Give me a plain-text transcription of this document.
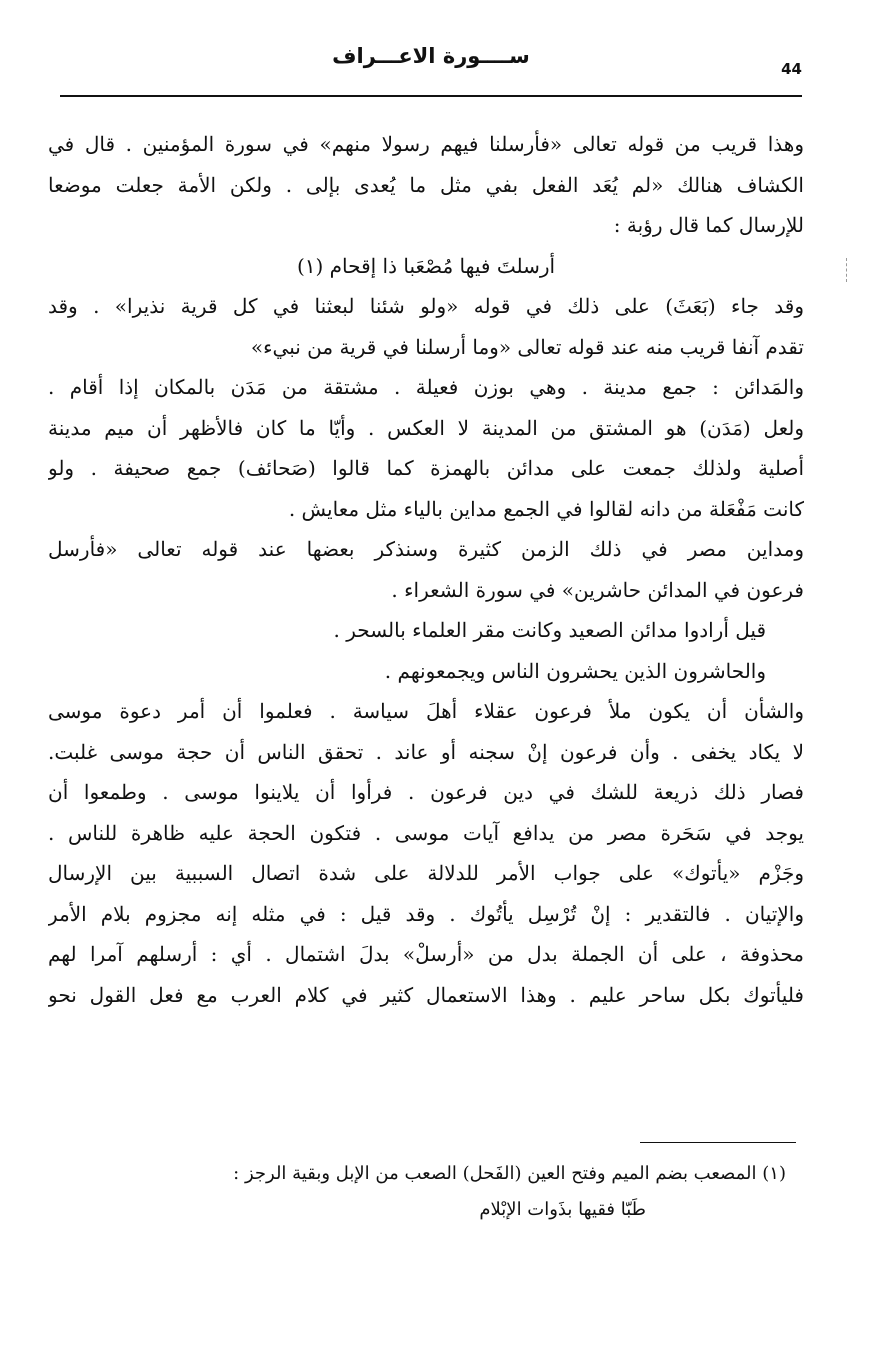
ســــورة الاعـــراف
44
وهذا قريب من قوله تعالى «فأرسلنا فيهم رسولا منهم» في سورة المؤمنين . قال في
الكشاف هنالك «لم يُعَد الفعل بفي مثل ما يُعدى بإلى . ولكن الأمة جعلت موضعا
للإرسال كما قال رؤبة :
أرسلتَ فيها مُصْعَبا ذا إقحام (١)
وقد جاء (بَعَثَ) على ذلك في قوله «ولو شئنا لبعثنا في كل قرية نذيرا» . وقد
تقدم آنفا قريب منه عند قوله تعالى «وما أرسلنا في قرية من نبيء»
والمَدائن : جمع مدينة . وهي بوزن فعيلة . مشتقة من مَدَن بالمكان إذا أقام .
ولعل (مَدَن) هو المشتق من المدينة لا العكس . وأيّا ما كان فالأظهر أن ميم مدينة
أصلية ولذلك جمعت على مدائن بالهمزة كما قالوا (صَحائف) جمع صحيفة . ولو
كانت مَفْعَلة من دانه لقالوا في الجمع مداين بالياء مثل معايش .
ومداين مصر في ذلك الزمن كثيرة وسنذكر بعضها عند قوله تعالى «فأرسل
فرعون في المدائن حاشرين» في سورة الشعراء .
قيل أرادوا مدائن الصعيد وكانت مقر العلماء بالسحر .
والحاشرون الذين يحشرون الناس ويجمعونهم .
والشأن أن يكون ملأ فرعون عقلاء أهلَ سياسة . فعلموا أن أمر دعوة موسى
لا يكاد يخفى . وأن فرعون إنْ سجنه أو عاند . تحقق الناس أن حجة موسى غلبت.
فصار ذلك ذريعة للشك في دين فرعون . فرأوا أن يلاينوا موسى . وطمعوا أن
يوجد في سَحَرة مصر من يدافع آيات موسى . فتكون الحجة عليه ظاهرة للناس .
وجَزْم «يأتوك» على جواب الأمر للدلالة على شدة اتصال السببية بين الإرسال
والإتيان . فالتقدير : إنْ تُرْسِل يأتُوك . وقد قيل : في مثله إنه مجزوم بلام الأمر
محذوفة ، على أن الجملة بدل من «أرسلْ» بدلَ اشتمال . أي : أرسلهم آمرا لهم
فليأتوك بكل ساحر عليم . وهذا الاستعمال كثير في كلام العرب مع فعل القول نحو
(١) المصعب بضم الميم وفتح العين (الفَحل) الصعب من الإبل وبقية الرجز :
طَبّا فقيها بذَوات الإبْلام
